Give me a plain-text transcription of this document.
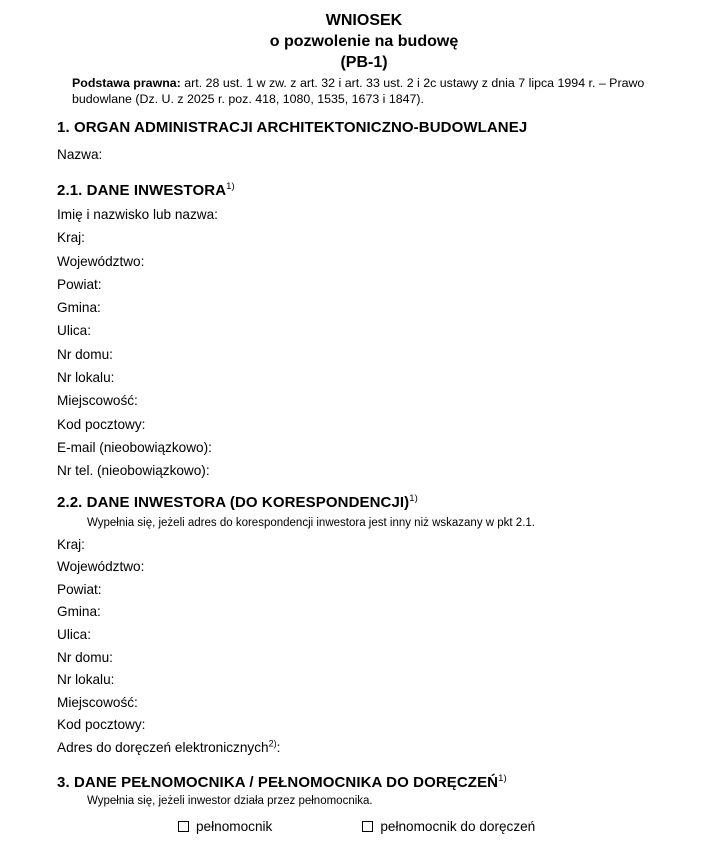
WNIOSEK
o pozwolenie na budowę
(PB-1)

Podstawa prawna: art. 28 ust. 1 w zw. z art. 32 i art. 33 ust. 2 i 2c ustawy z dnia 7 lipca 1994 r. – Prawo budowlane (Dz. U. z 2025 r. poz. 418, 1080, 1535, 1673 i 1847).

1. ORGAN ADMINISTRACJI ARCHITEKTONICZNO-BUDOWLANEJ
Nazwa:
2.1. DANE INWESTORA$^{1)}$
Imię i nazwisko lub nazwa:
Kraj:
Województwo:
Powiat:
Gmina:
Ulica:
Nr domu:
Nr lokalu:
Miejscowość:
Kod pocztowy:
E-mail (nieobowiązkowo):
Nr tel. (nieobowiązkowo):
2.2. DANE INWESTORA (DO KORESPONDENCJI)$^{1)}$
Wypełnia się, jeżeli adres do korespondencji inwestora jest inny niż wskazany w pkt 2.1.
Kraj:
Województwo:
Powiat:
Gmina:
Ulica:
Nr domu:
Nr lokalu:
Miejscowość:
Kod pocztowy:
Adres do doręczeń elektronicznych$^{2)}$:
3. DANE PEŁNOMOCNIKA / PEŁNOMOCNIKA DO DORĘCZEŃ$^{1)}$
Wypełnia się, jeżeli inwestor działa przez pełnomocnika.
pełnomocnik	pełnomocnik do doręczeń
